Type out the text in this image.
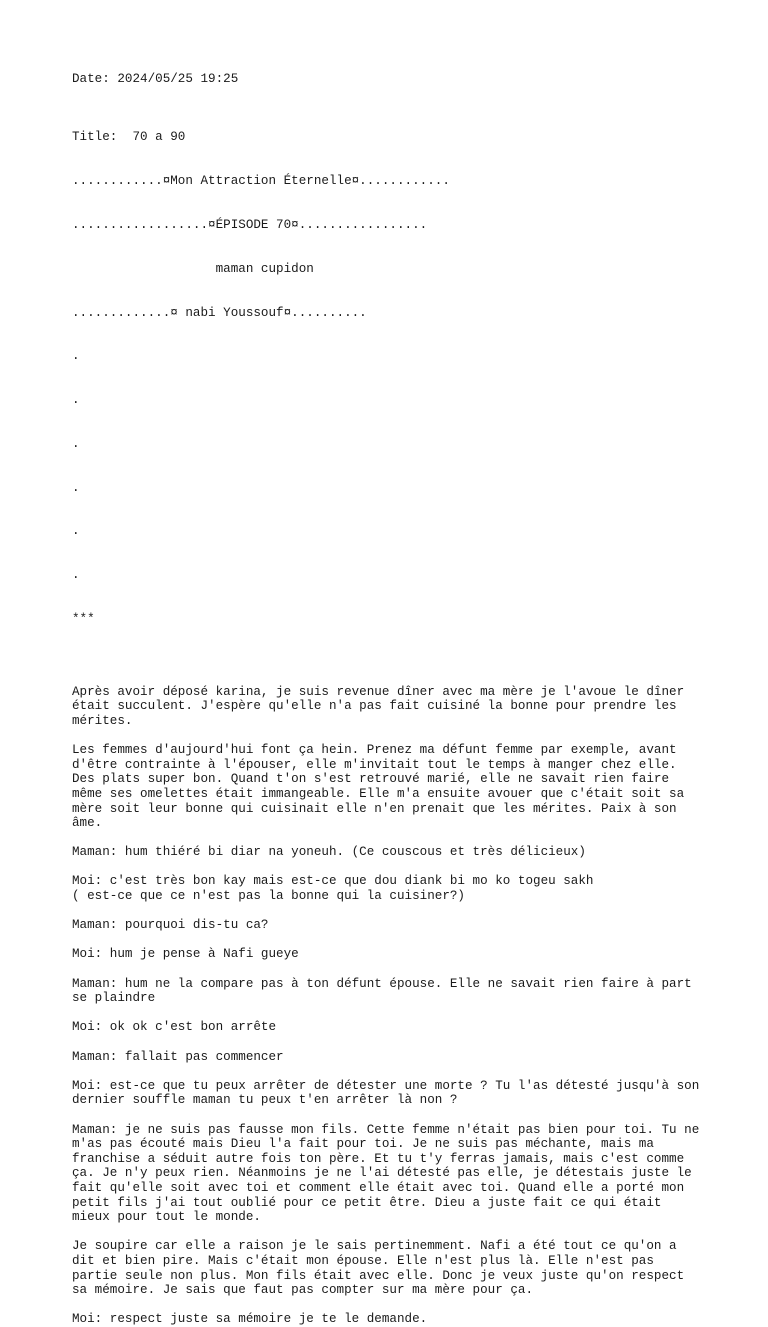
Date: 2024/05/25 19:25

Title:  70 a 90

............¤Mon Attraction Éternelle¤............

..................¤ÉPISODE 70¤.................

maman cupidon

.............¤ nabi Youssouf¤..........

.

.

.

.

.

.

***

Après avoir déposé karina, je suis revenue dîner avec ma mère je l'avoue le dîner
était succulent. J'espère qu'elle n'a pas fait cuisiné la bonne pour prendre les
mérites.
Les femmes d'aujourd'hui font ça hein. Prenez ma défunt femme par exemple, avant
d'être contrainte à l'épouser, elle m'invitait tout le temps à manger chez elle.
Des plats super bon. Quand t'on s'est retrouvé marié, elle ne savait rien faire
même ses omelettes était immangeable. Elle m'a ensuite avouer que c'était soit sa
mère soit leur bonne qui cuisinait elle n'en prenait que les mérites. Paix à son
âme.
Maman: hum thiéré bi diar na yoneuh. (Ce couscous et très délicieux)
Moi: c'est très bon kay mais est-ce que dou diank bi mo ko togeu sakh
( est-ce que ce n'est pas la bonne qui la cuisiner?)
Maman: pourquoi dis-tu ca?
Moi: hum je pense à Nafi gueye
Maman: hum ne la compare pas à ton défunt épouse. Elle ne savait rien faire à part
se plaindre
Moi: ok ok c'est bon arrête
Maman: fallait pas commencer
Moi: est-ce que tu peux arrêter de détester une morte ? Tu l'as détesté jusqu'à son
dernier souffle maman tu peux t'en arrêter là non ?
Maman: je ne suis pas fausse mon fils. Cette femme n'était pas bien pour toi. Tu ne
m'as pas écouté mais Dieu l'a fait pour toi. Je ne suis pas méchante, mais ma
franchise a séduit autre fois ton père. Et tu t'y ferras jamais, mais c'est comme
ça. Je n'y peux rien. Néanmoins je ne l'ai détesté pas elle, je détestais juste le
fait qu'elle soit avec toi et comment elle était avec toi. Quand elle a porté mon
petit fils j'ai tout oublié pour ce petit être. Dieu a juste fait ce qui était
mieux pour tout le monde.
Je soupire car elle a raison je le sais pertinemment. Nafi a été tout ce qu'on a
dit et bien pire. Mais c'était mon épouse. Elle n'est plus là. Elle n'est pas
partie seule non plus. Mon fils était avec elle. Donc je veux juste qu'on respect
sa mémoire. Je sais que faut pas compter sur ma mère pour ça.
Moi: respect juste sa mémoire je te le demande.
